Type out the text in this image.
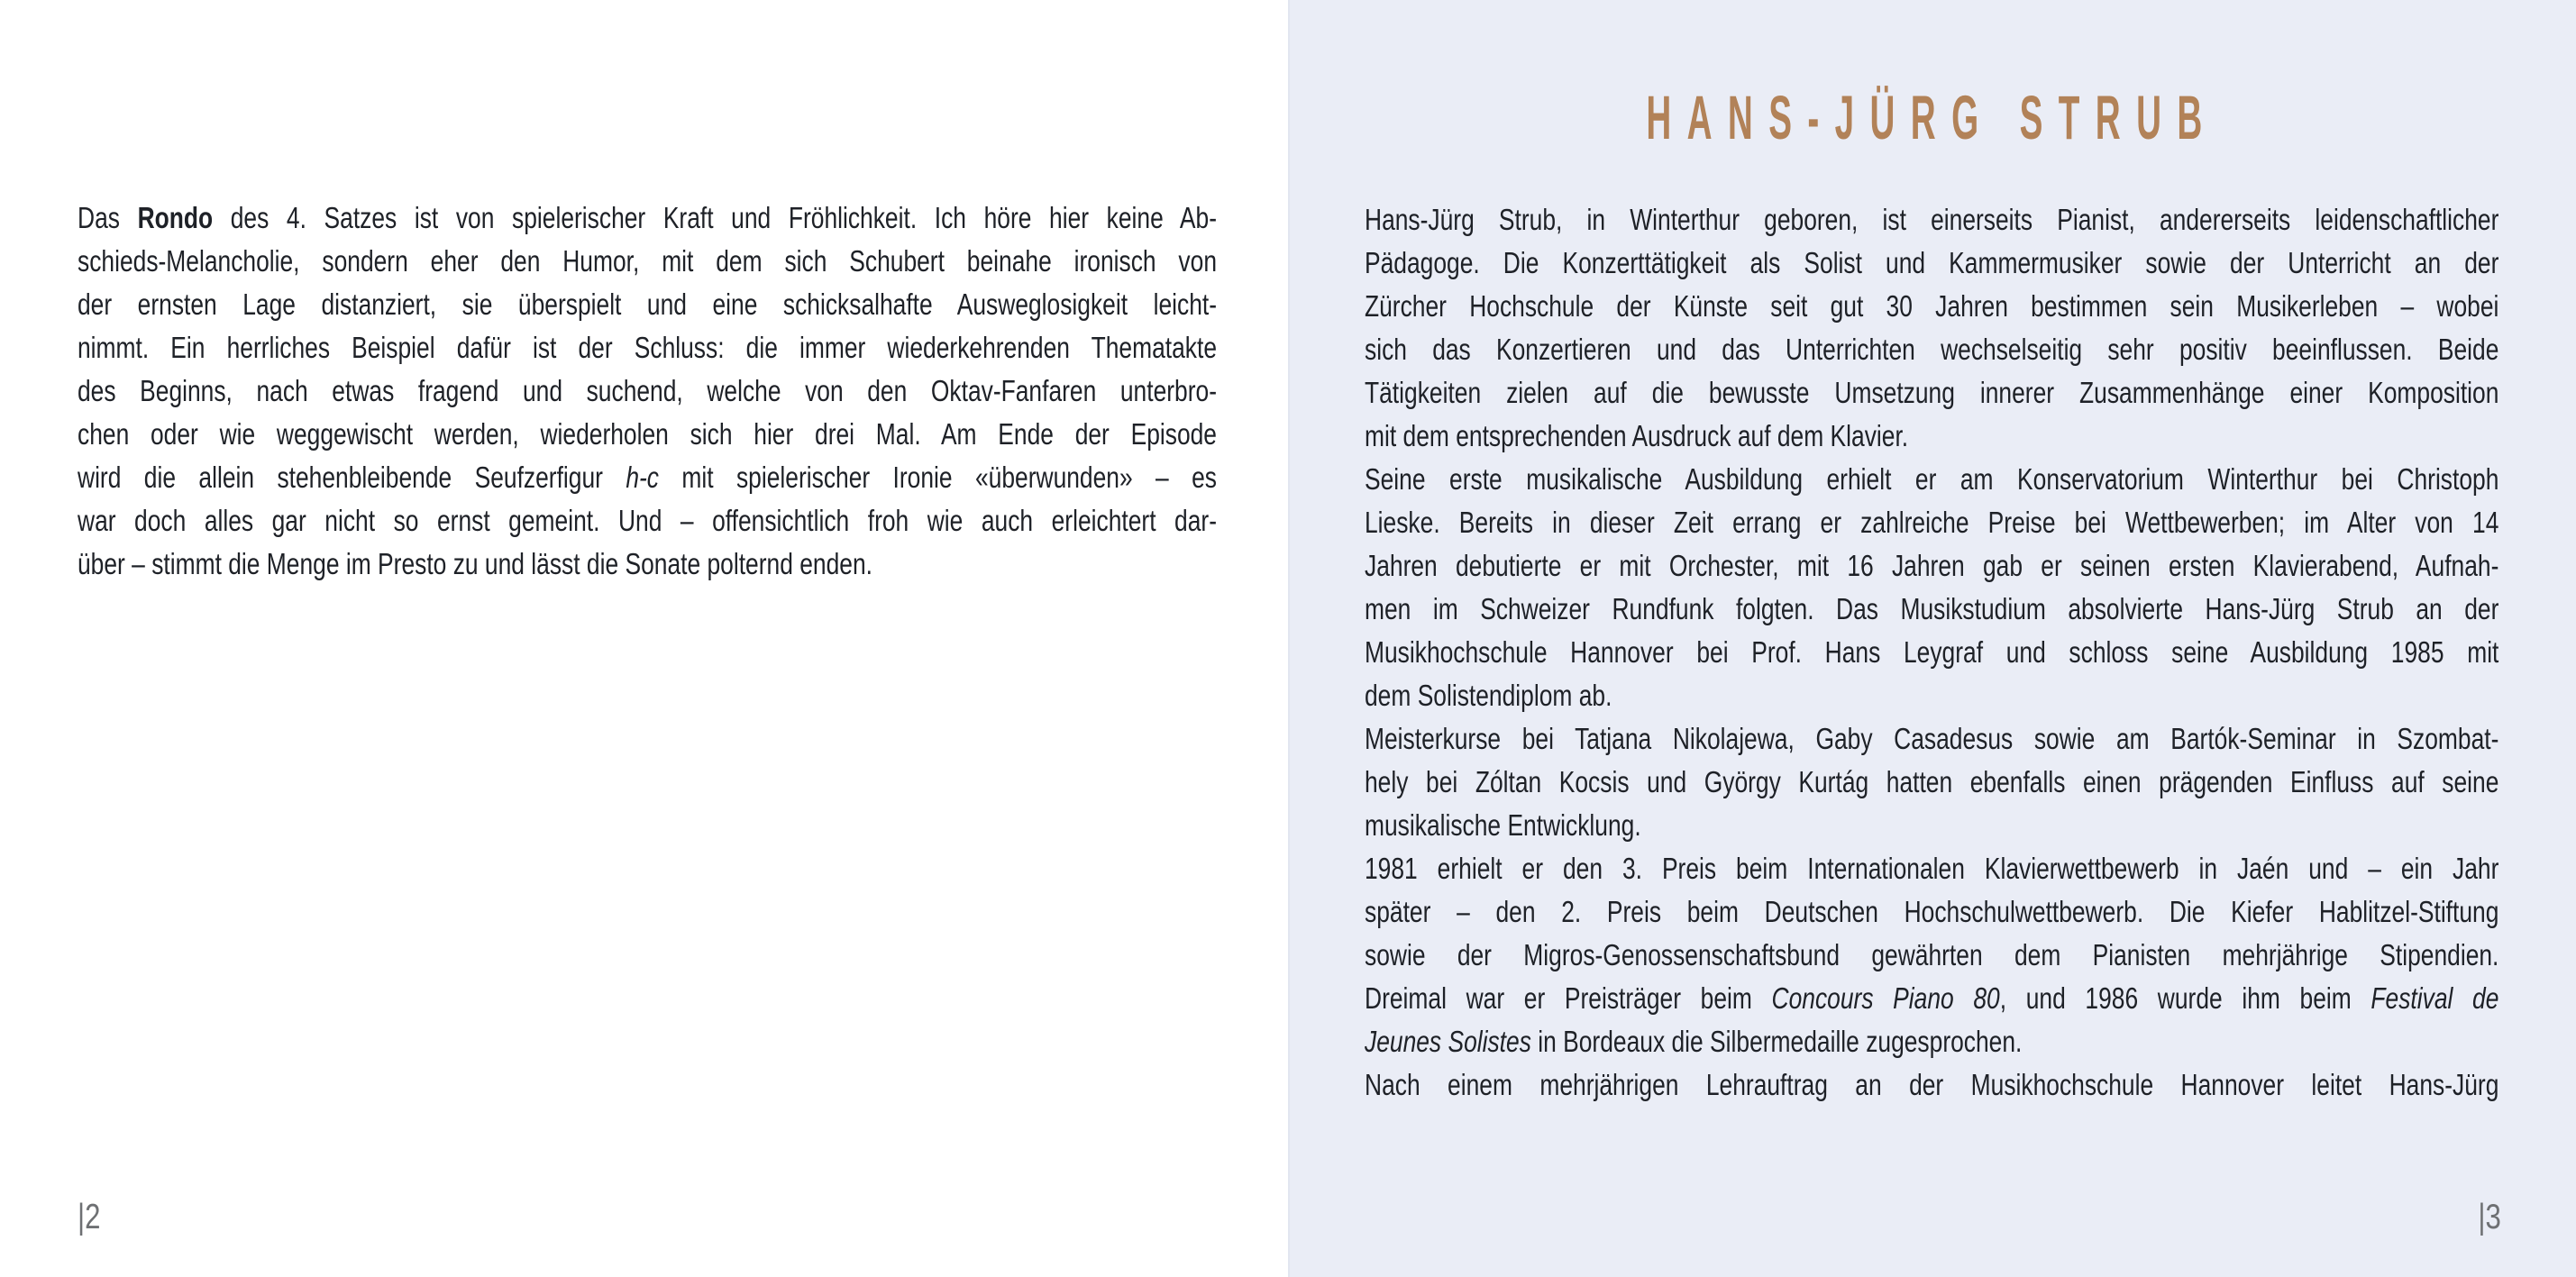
Das Rondo des 4. Satzes ist von spielerischer Kraft und Fröhlichkeit. Ich höre hier keine Ab-
schieds-Melancholie, sondern eher den Humor, mit dem sich Schubert beinahe ironisch von
der ernsten Lage distanziert, sie überspielt und eine schicksalhafte Ausweglosigkeit leicht-
nimmt. Ein herrliches Beispiel dafür ist der Schluss: die immer wiederkehrenden Thematakte
des Beginns, nach etwas fragend und suchend, welche von den Oktav-Fanfaren unterbro-
chen oder wie weggewischt werden, wiederholen sich hier drei Mal. Am Ende der Episode
wird die allein stehenbleibende Seufzerfigur h-c mit spielerischer Ironie «überwunden» – es
war doch alles gar nicht so ernst gemeint. Und – offensichtlich froh wie auch erleichtert dar-
über – stimmt die Menge im Presto zu und lässt die Sonate polternd enden.
|2
HANS-JÜRG STRUB
Hans-Jürg Strub, in Winterthur geboren, ist einerseits Pianist, andererseits leidenschaftlicher
Pädagoge. Die Konzerttätigkeit als Solist und Kammermusiker sowie der Unterricht an der
Zürcher Hochschule der Künste seit gut 30 Jahren bestimmen sein Musikerleben – wobei
sich das Konzertieren und das Unterrichten wechselseitig sehr positiv beeinflussen. Beide
Tätigkeiten zielen auf die bewusste Umsetzung innerer Zusammenhänge einer Komposition
mit dem entsprechenden Ausdruck auf dem Klavier.
Seine erste musikalische Ausbildung erhielt er am Konservatorium Winterthur bei Christoph
Lieske. Bereits in dieser Zeit errang er zahlreiche Preise bei Wettbewerben; im Alter von 14
Jahren debutierte er mit Orchester, mit 16 Jahren gab er seinen ersten Klavierabend, Aufnah-
men im Schweizer Rundfunk folgten. Das Musikstudium absolvierte Hans-Jürg Strub an der
Musikhochschule Hannover bei Prof. Hans Leygraf und schloss seine Ausbildung 1985 mit
dem Solistendiplom ab.
Meisterkurse bei Tatjana Nikolajewa, Gaby Casadesus sowie am Bartók-Seminar in Szombat-
hely bei Zóltan Kocsis und György Kurtág hatten ebenfalls einen prägenden Einfluss auf seine
musikalische Entwicklung.
1981 erhielt er den 3. Preis beim Internationalen Klavierwettbewerb in Jaén und – ein Jahr
später – den 2. Preis beim Deutschen Hochschulwettbewerb. Die Kiefer Hablitzel-Stiftung
sowie der Migros-Genossenschaftsbund gewährten dem Pianisten mehrjährige Stipendien.
Dreimal war er Preisträger beim Concours Piano 80, und 1986 wurde ihm beim Festival de
Jeunes Solistes in Bordeaux die Silbermedaille zugesprochen.
Nach einem mehrjährigen Lehrauftrag an der Musikhochschule Hannover leitet Hans-Jürg
|3
